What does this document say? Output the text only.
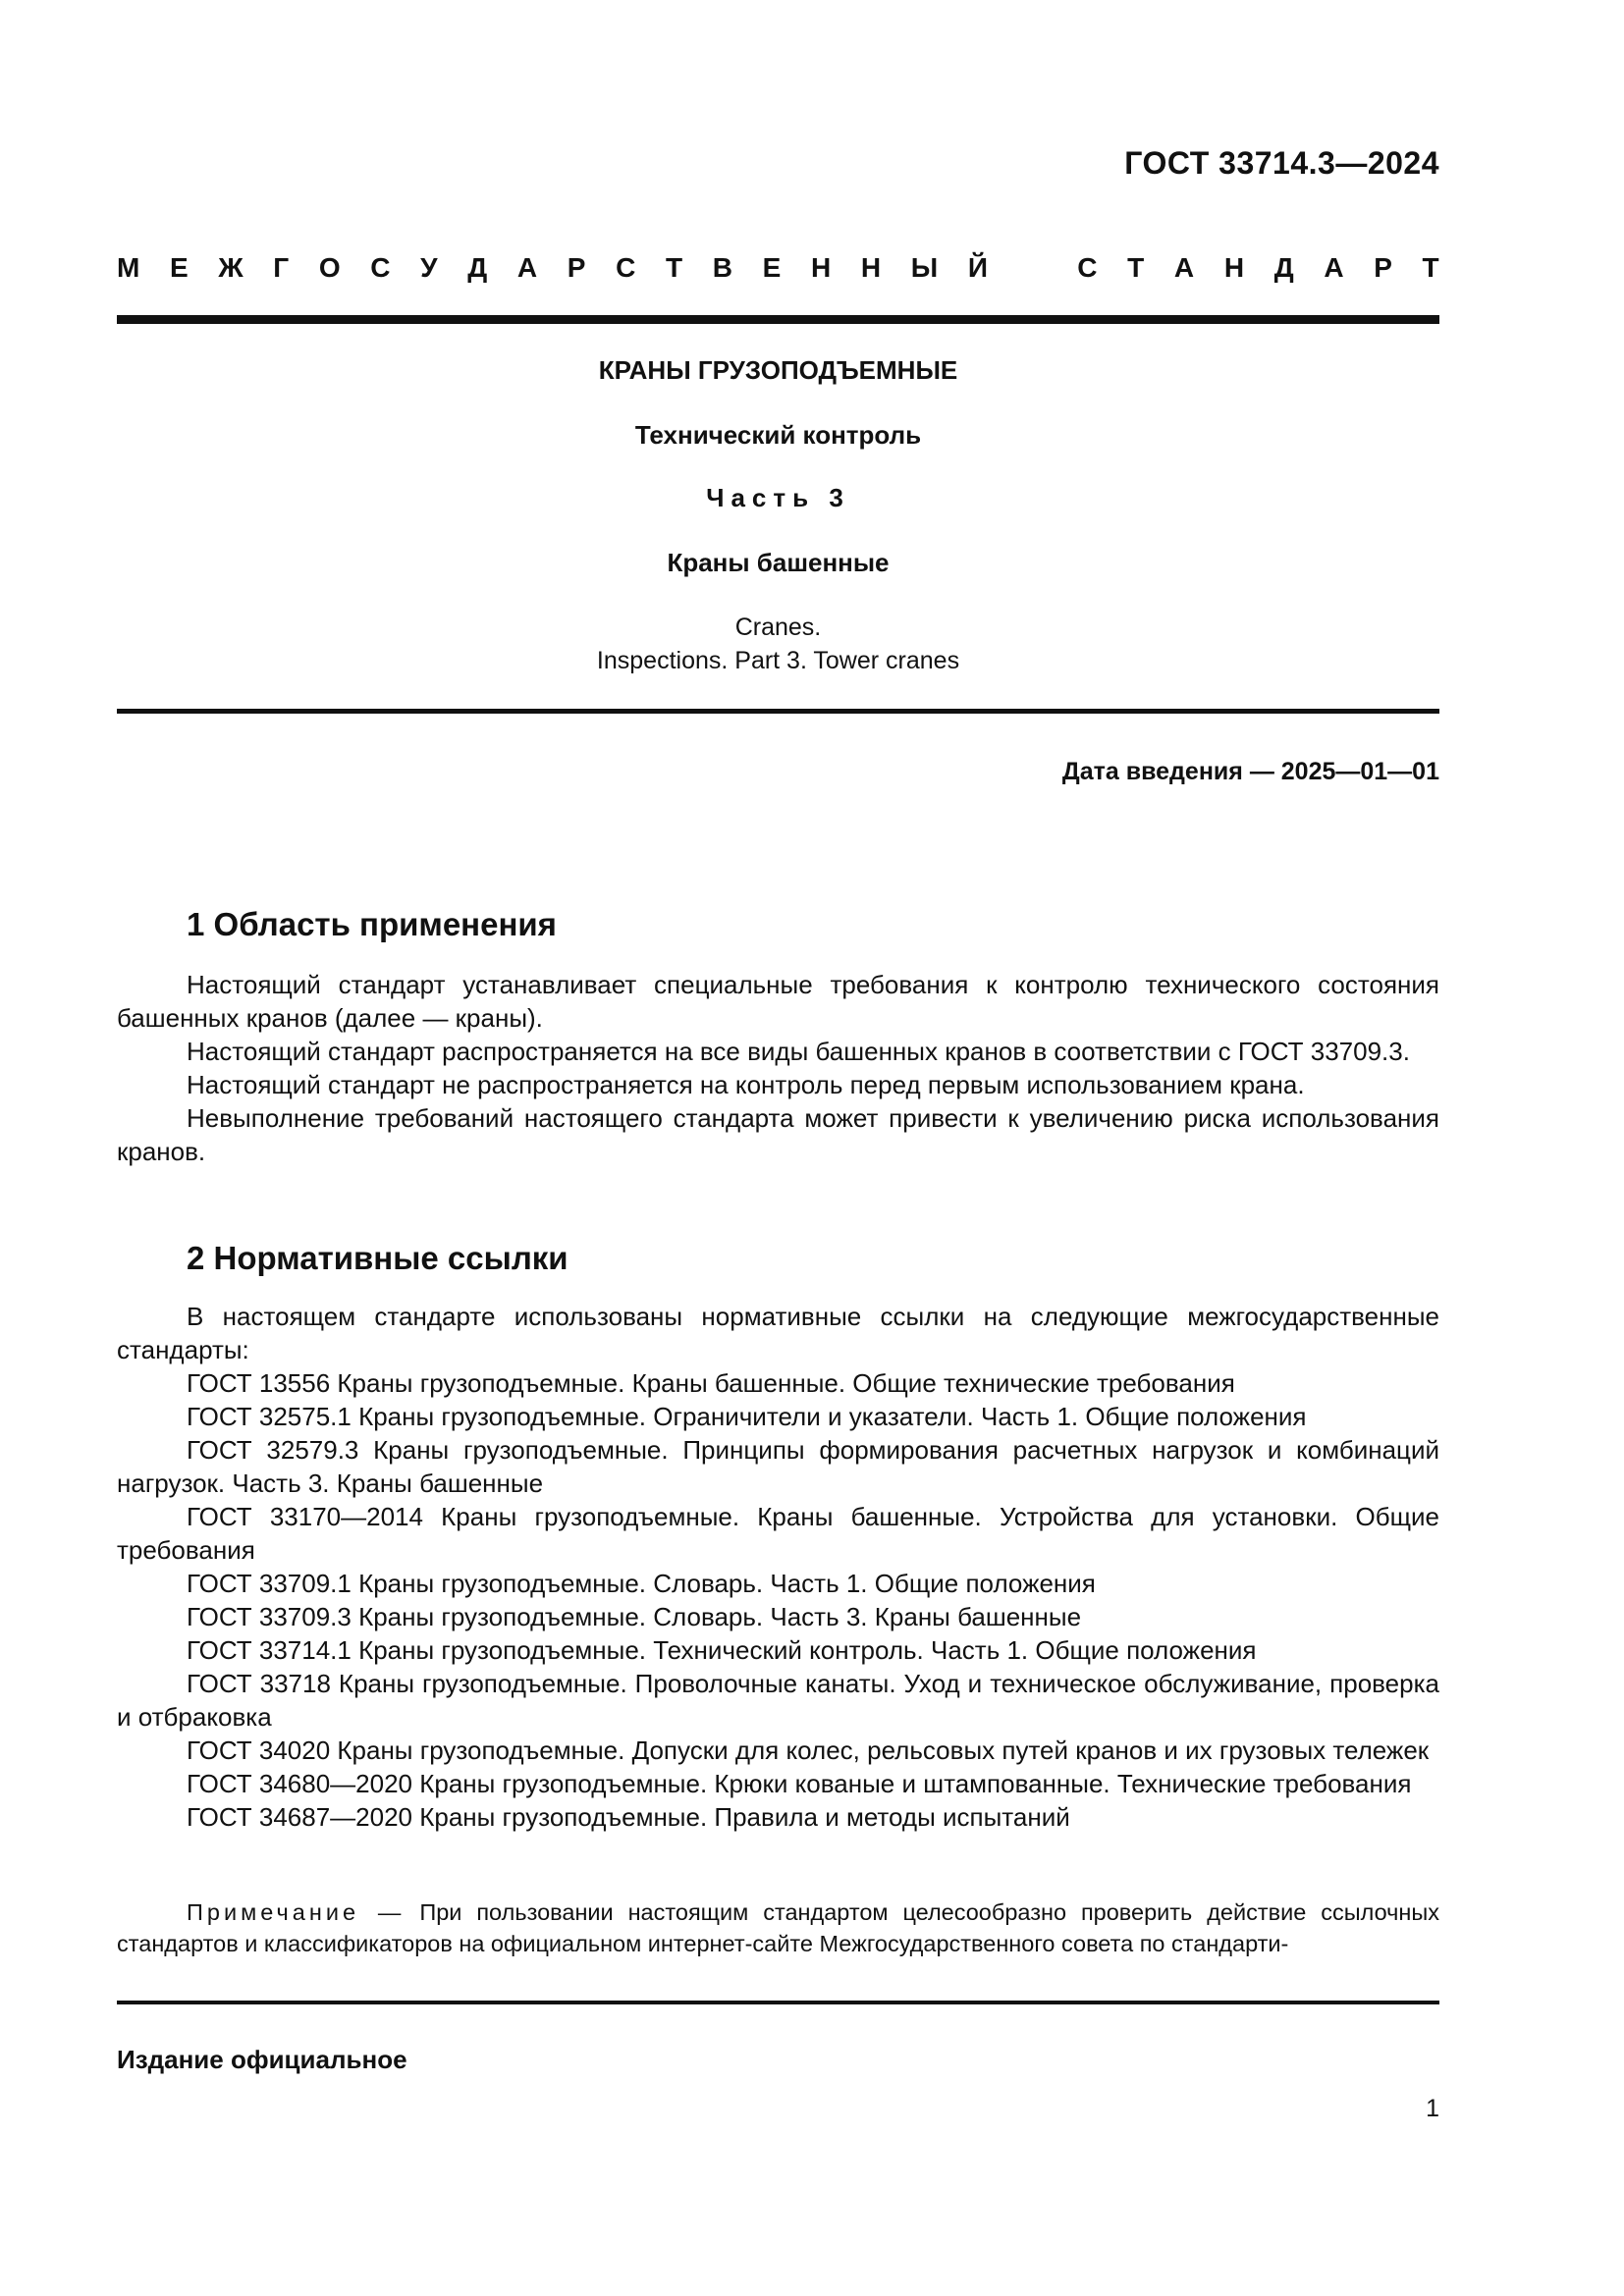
ГОСТ 33714.3—2024
М Е Ж Г О С У Д А Р С Т В Е Н Н Ы Й	С Т А Н Д А Р Т
КРАНЫ ГРУЗОПОДЪЕМНЫЕ
Технический контроль
Часть 3
Краны башенные
Cranes.
Inspections. Part 3. Tower cranes
Дата введения — 2025—01—01
1 Область применения

Настоящий стандарт устанавливает специальные требования к контролю технического состояния башенных кранов (далее — краны).

Настоящий стандарт распространяется на все виды башенных кранов в соответствии с ГОСТ 33709.3.

Настоящий стандарт не распространяется на контроль перед первым использованием крана.

Невыполнение требований настоящего стандарта может привести к увеличению риска использования кранов.

2 Нормативные ссылки

В настоящем стандарте использованы нормативные ссылки на следующие межгосударственные стандарты:

ГОСТ 13556 Краны грузоподъемные. Краны башенные. Общие технические требования

ГОСТ 32575.1 Краны грузоподъемные. Ограничители и указатели. Часть 1. Общие положения

ГОСТ 32579.3 Краны грузоподъемные. Принципы формирования расчетных нагрузок и комбинаций нагрузок. Часть 3. Краны башенные

ГОСТ 33170—2014 Краны грузоподъемные. Краны башенные. Устройства для установки. Общие требования

ГОСТ 33709.1 Краны грузоподъемные. Словарь. Часть 1. Общие положения

ГОСТ 33709.3 Краны грузоподъемные. Словарь. Часть 3. Краны башенные

ГОСТ 33714.1 Краны грузоподъемные. Технический контроль. Часть 1. Общие положения

ГОСТ 33718 Краны грузоподъемные. Проволочные канаты. Уход и техническое обслуживание, проверка и отбраковка

ГОСТ 34020 Краны грузоподъемные. Допуски для колес, рельсовых путей кранов и их грузовых тележек

ГОСТ 34680—2020 Краны грузоподъемные. Крюки кованые и штампованные. Технические требования

ГОСТ 34687—2020 Краны грузоподъемные. Правила и методы испытаний

Примечание — При пользовании настоящим стандартом целесообразно проверить действие ссылочных стандартов и классификаторов на официальном интернет-сайте Межгосударственного совета по стандарти-

Издание официальное
1
